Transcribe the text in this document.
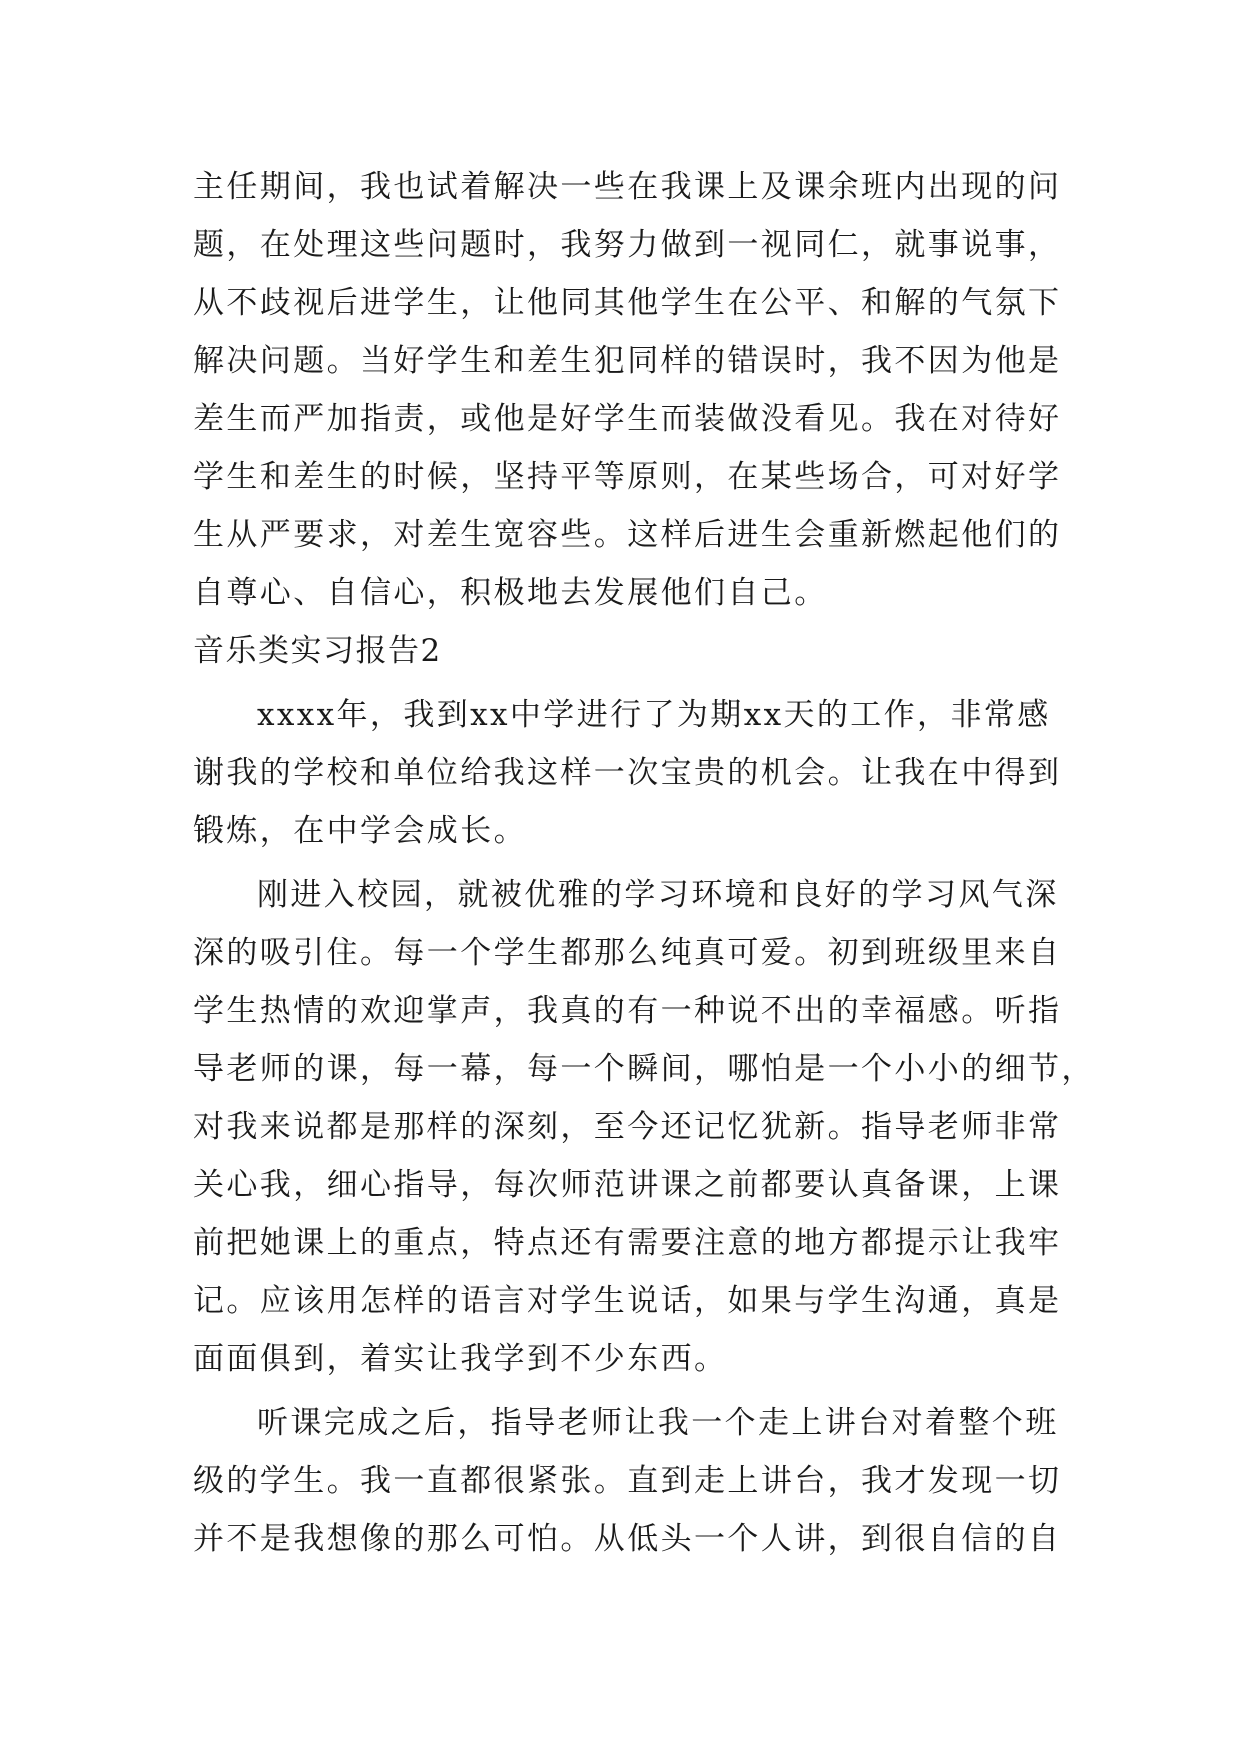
主任期间，我也试着解决一些在我课上及课余班内出现的问
题，在处理这些问题时，我努力做到一视同仁，就事说事，
从不歧视后进学生，让他同其他学生在公平、和解的气氛下
解决问题。当好学生和差生犯同样的错误时，我不因为他是
差生而严加指责，或他是好学生而装做没看见。我在对待好
学生和差生的时候，坚持平等原则，在某些场合，可对好学
生从严要求，对差生宽容些。这样后进生会重新燃起他们的
自尊心、自信心，积极地去发展他们自己。
音乐类实习报告2
xxxx年，我到xx中学进行了为期xx天的工作，非常感
谢我的学校和单位给我这样一次宝贵的机会。让我在中得到
锻炼，在中学会成长。
刚进入校园，就被优雅的学习环境和良好的学习风气深
深的吸引住。每一个学生都那么纯真可爱。初到班级里来自
学生热情的欢迎掌声，我真的有一种说不出的幸福感。听指
导老师的课，每一幕，每一个瞬间，哪怕是一个小小的细节，
对我来说都是那样的深刻，至今还记忆犹新。指导老师非常
关心我，细心指导，每次师范讲课之前都要认真备课，上课
前把她课上的重点，特点还有需要注意的地方都提示让我牢
记。应该用怎样的语言对学生说话，如果与学生沟通，真是
面面俱到，着实让我学到不少东西。
听课完成之后，指导老师让我一个走上讲台对着整个班
级的学生。我一直都很紧张。直到走上讲台，我才发现一切
并不是我想像的那么可怕。从低头一个人讲，到很自信的自
